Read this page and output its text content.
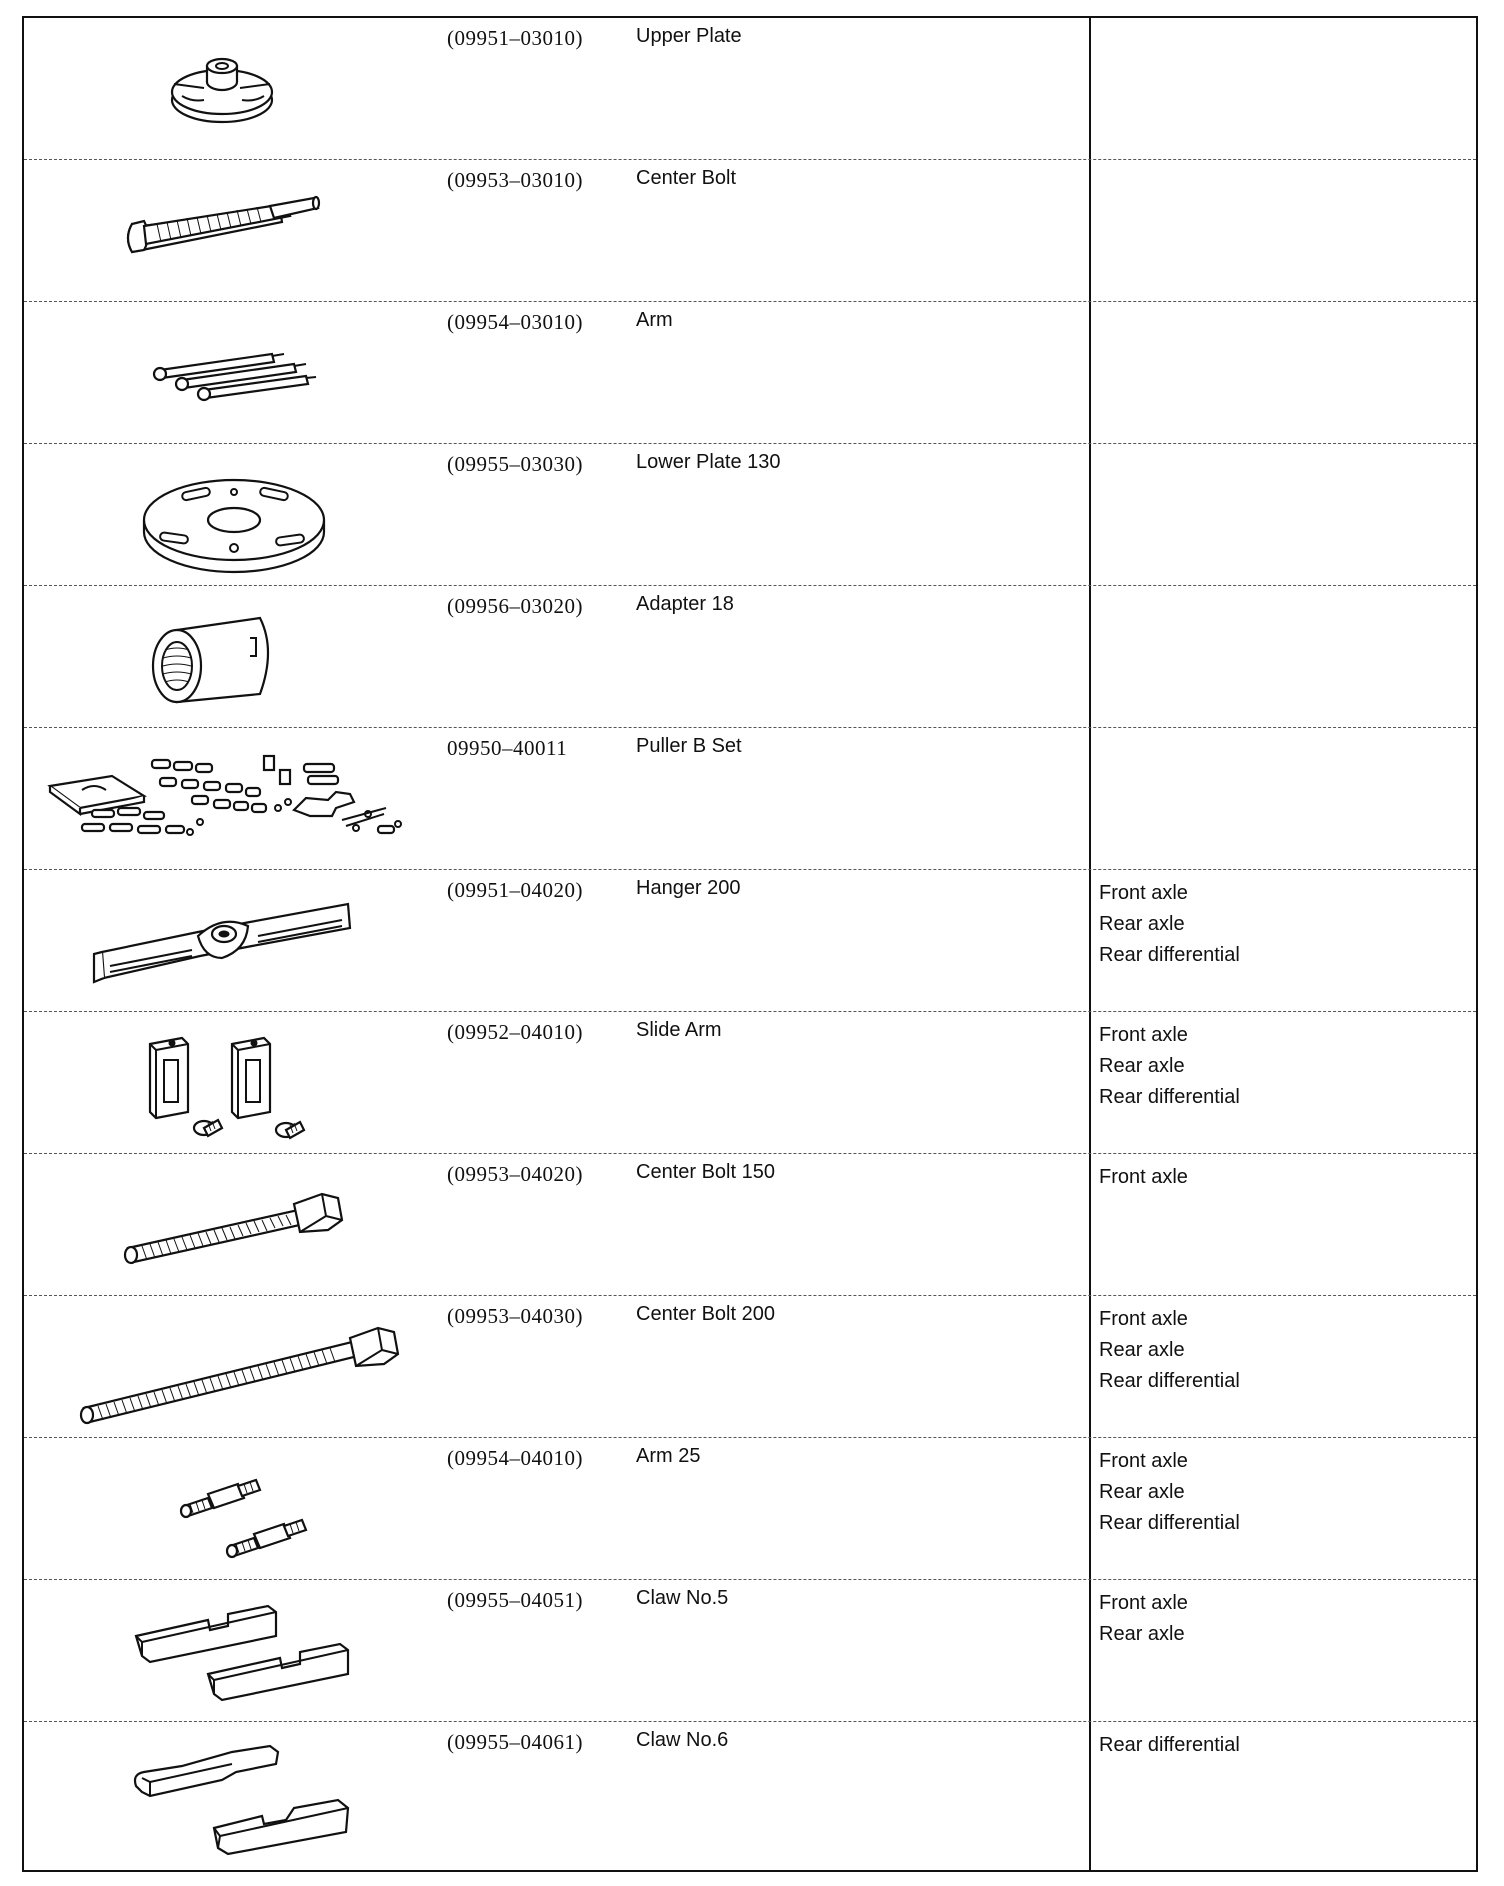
(09951–03010)	Upper Plate
(09953–03010)	Center Bolt
(09954–03010)	Arm
(09955–03030)	Lower Plate 130
(09956–03020)	Adapter 18
09950–40011	Puller B Set
(09951–04020)	Hanger 200	Front axle
Rear axle
Rear differential
(09952–04010)	Slide Arm	Front axle
Rear axle
Rear differential
(09953–04020)	Center Bolt 150	Front axle
(09953–04030)	Center Bolt 200	Front axle
Rear axle
Rear differential
(09954–04010)	Arm 25	Front axle
Rear axle
Rear differential
(09955–04051)	Claw No.5	Front axle
Rear axle
(09955–04061)	Claw No.6	Rear differential
